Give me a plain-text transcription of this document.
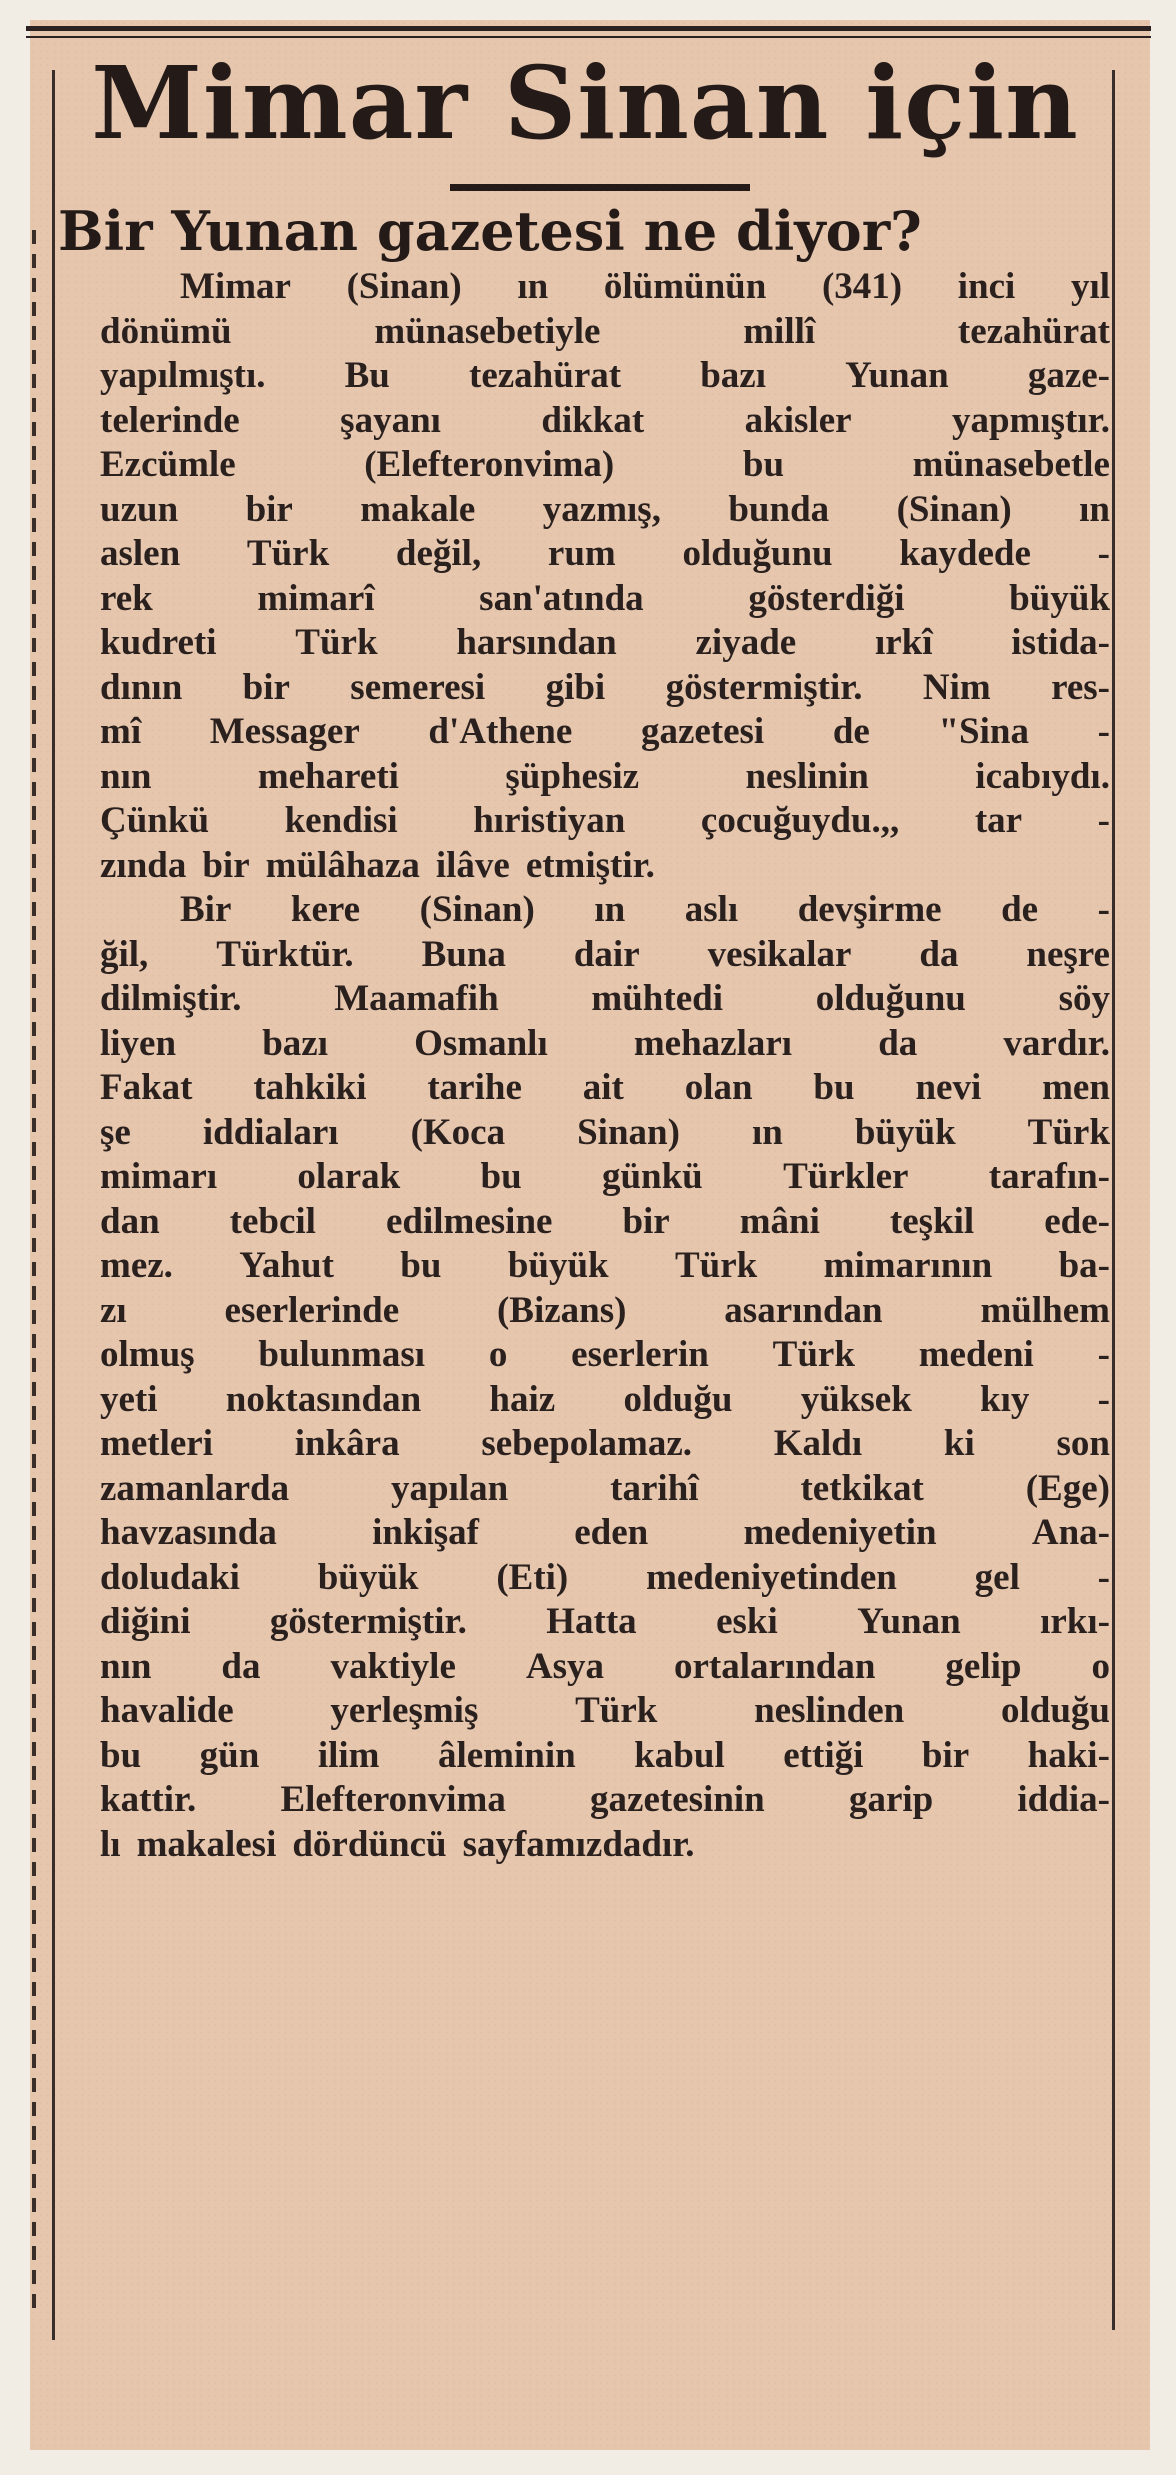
Mimar Sinan için
Bir Yunan gazetesi ne diyor?
Mimar (Sinan) ın ölümünün (341) inci yıl
dönümü	münasebetiyle	millî	tezahürat
yapılmıştı. Bu tezahürat bazı Yunan gaze-
telerinde	şayanı	dikkat	akisler	yapmıştır.
Ezcümle	(Elefteronvima)	bu	münasebetle
uzun bir makale yazmış, bunda (Sinan) ın
aslen Türk değil, rum olduğunu kaydede -
rek	mimarî	san'atında	gösterdiği	büyük
kudreti Türk harsından ziyade ırkî istida-
dının bir semeresi gibi göstermiştir. Nim res-
mî Messager d'Athene gazetesi de "Sina -
nın	mehareti	şüphesiz	neslinin	icabıydı.
Çünkü kendisi hıristiyan çocuğuydu.,, tar -
zında bir mülâhaza ilâve etmiştir.
Bir kere (Sinan) ın aslı devşirme de -
ğil, Türktür. Buna dair vesikalar da neşre
dilmiştir.	Maamafih	mühtedi	olduğunu	söy
liyen bazı Osmanlı mehazları da vardır.
Fakat tahkiki tarihe ait olan bu nevi men
şe iddiaları (Koca Sinan) ın büyük Türk
mimarı olarak bu günkü Türkler tarafın-
dan tebcil edilmesine bir mâni teşkil ede-
mez. Yahut bu büyük Türk mimarının ba-
zı	eserlerinde	(Bizans)	asarından	mülhem
olmuş bulunması o eserlerin Türk medeni -
yeti noktasından haiz olduğu yüksek kıy -
metleri inkâra sebepolamaz. Kaldı ki son
zamanlarda	yapılan	tarihî	tetkikat	(Ege)
havzasında	inkişaf	eden	medeniyetin	Ana-
doludaki büyük (Eti) medeniyetinden gel -
diğini göstermiştir. Hatta eski Yunan ırkı-
nın da vaktiyle Asya ortalarından gelip o
havalide	yerleşmiş	Türk	neslinden	olduğu
bu gün ilim âleminin kabul ettiği bir haki-
kattir. Elefteronvima gazetesinin garip iddia-
lı makalesi dördüncü sayfamızdadır.
